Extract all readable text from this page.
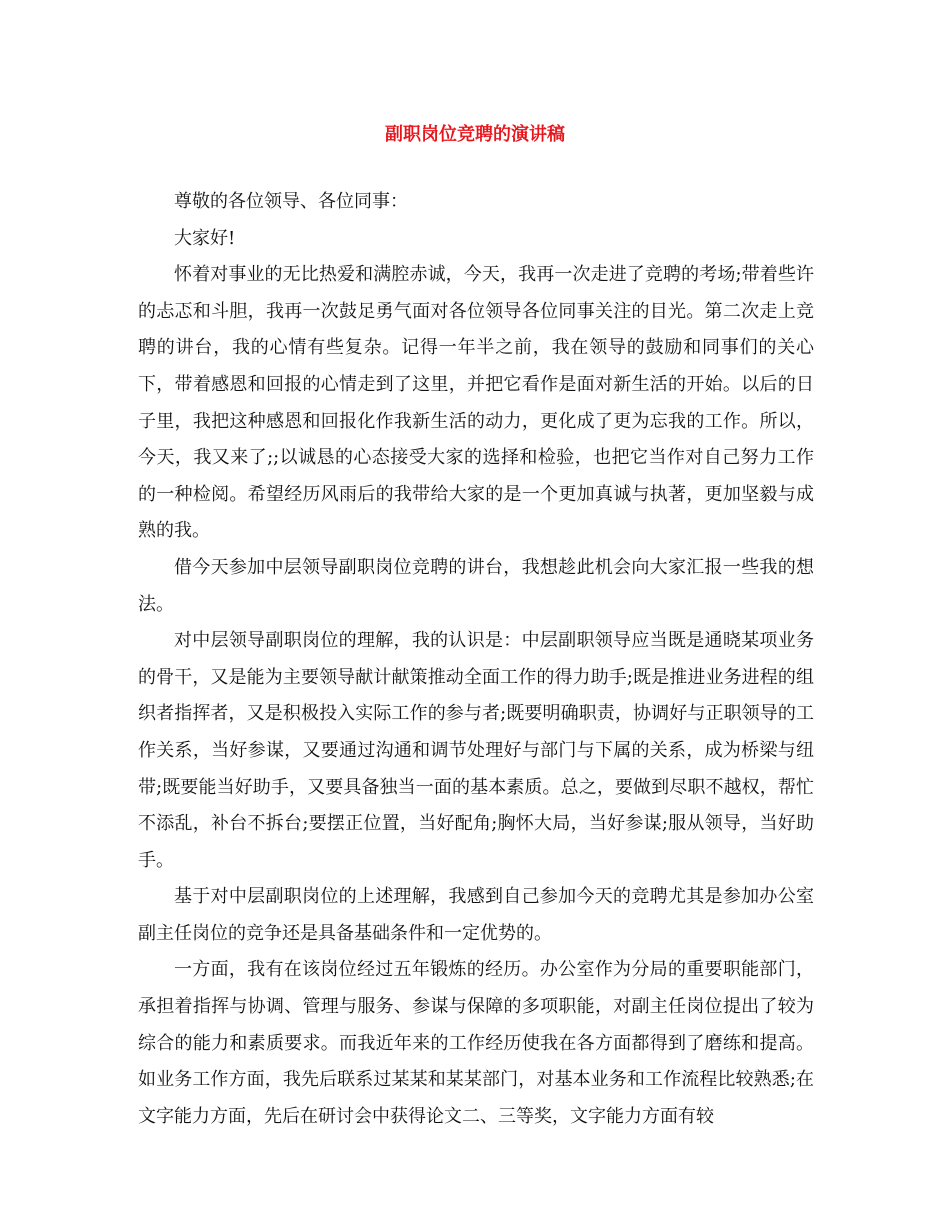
副职岗位竞聘的演讲稿

尊敬的各位领导、各位同事：

大家好!

怀着对事业的无比热爱和满腔赤诚，今天，我再一次走进了竞聘的考场;带着些许的忐忑和斗胆，我再一次鼓足勇气面对各位领导各位同事关注的目光。第二次走上竞聘的讲台，我的心情有些复杂。记得一年半之前，我在领导的鼓励和同事们的关心下，带着感恩和回报的心情走到了这里，并把它看作是面对新生活的开始。以后的日子里，我把这种感恩和回报化作我新生活的动力，更化成了更为忘我的工作。所以，今天，我又来了;;以诚恳的心态接受大家的选择和检验，也把它当作对自己努力工作的一种检阅。希望经历风雨后的我带给大家的是一个更加真诚与执著，更加坚毅与成熟的我。

借今天参加中层领导副职岗位竞聘的讲台，我想趁此机会向大家汇报一些我的想法。

对中层领导副职岗位的理解，我的认识是：中层副职领导应当既是通晓某项业务的骨干，又是能为主要领导献计献策推动全面工作的得力助手;既是推进业务进程的组织者指挥者，又是积极投入实际工作的参与者;既要明确职责，协调好与正职领导的工作关系，当好参谋，又要通过沟通和调节处理好与部门与下属的关系，成为桥梁与纽带;既要能当好助手，又要具备独当一面的基本素质。总之，要做到尽职不越权，帮忙不添乱，补台不拆台;要摆正位置，当好配角;胸怀大局，当好参谋;服从领导，当好助手。

基于对中层副职岗位的上述理解，我感到自己参加今天的竞聘尤其是参加办公室副主任岗位的竞争还是具备基础条件和一定优势的。

一方面，我有在该岗位经过五年锻炼的经历。办公室作为分局的重要职能部门，承担着指挥与协调、管理与服务、参谋与保障的多项职能，对副主任岗位提出了较为综合的能力和素质要求。而我近年来的工作经历使我在各方面都得到了磨练和提高。如业务工作方面，我先后联系过某某和某某部门，对基本业务和工作流程比较熟悉;在文字能力方面，先后在研讨会中获得论文二、三等奖，文字能力方面有较
